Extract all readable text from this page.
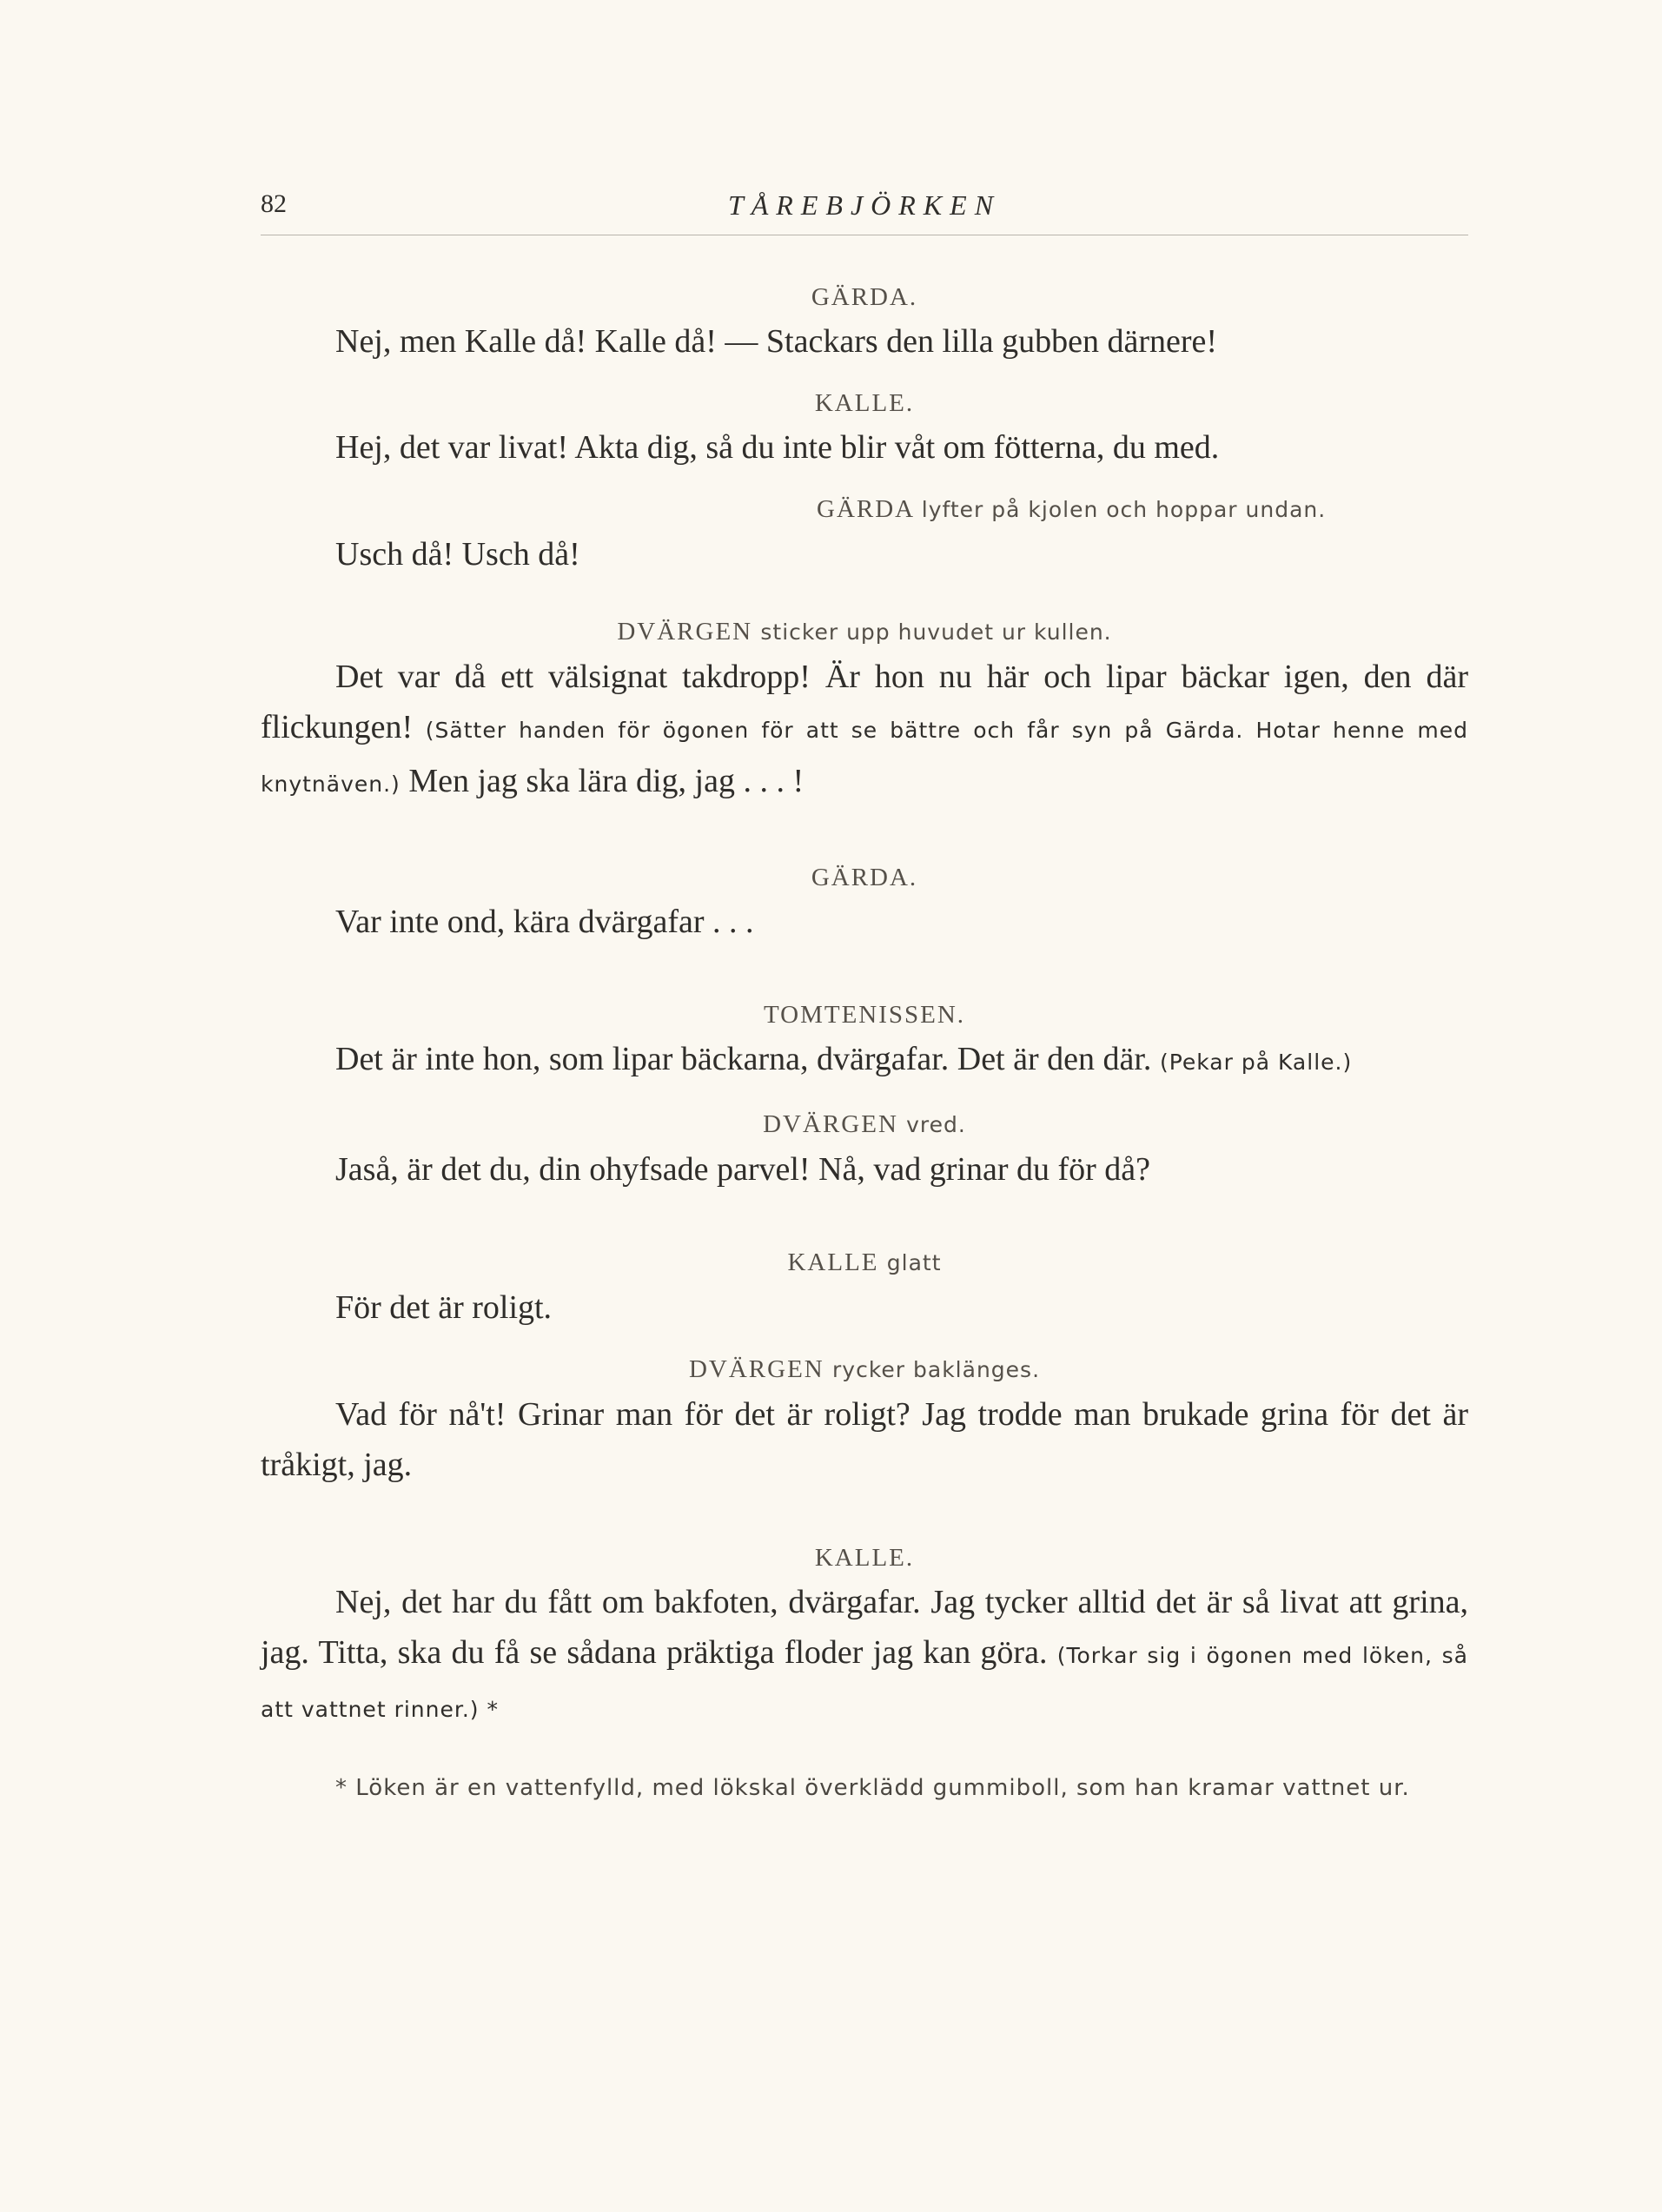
82	TÅREBJÖRKEN

GÄRDA.

Nej, men Kalle då! Kalle då! — Stackars den lilla gubben därnere!

KALLE.

Hej, det var livat! Akta dig, så du inte blir våt om fötterna, du med.

GÄRDA lyfter på kjolen och hoppar undan.

Usch då! Usch då!

DVÄRGEN sticker upp huvudet ur kullen.

Det var då ett välsignat takdropp! Är hon nu här och lipar bäckar igen, den där flickungen! (Sätter handen för ögonen för att se bättre och får syn på Gärda. Hotar henne med knytnäven.) Men jag ska lära dig, jag . . . !

GÄRDA.

Var inte ond, kära dvärgafar . . .

TOMTENISSEN.

Det är inte hon, som lipar bäckarna, dvärgafar. Det är den där. (Pekar på Kalle.)

DVÄRGEN vred.

Jaså, är det du, din ohyfsade parvel! Nå, vad grinar du för då?

KALLE glatt

För det är roligt.

DVÄRGEN rycker baklänges.

Vad för nå't! Grinar man för det är roligt? Jag trodde man brukade grina för det är tråkigt, jag.

KALLE.

Nej, det har du fått om bakfoten, dvärgafar. Jag tycker alltid det är så livat att grina, jag. Titta, ska du få se sådana präktiga floder jag kan göra. (Torkar sig i ögonen med löken, så att vattnet rinner.) *

* Löken är en vattenfylld, med lökskal överklädd gummiboll, som han kramar vattnet ur.
